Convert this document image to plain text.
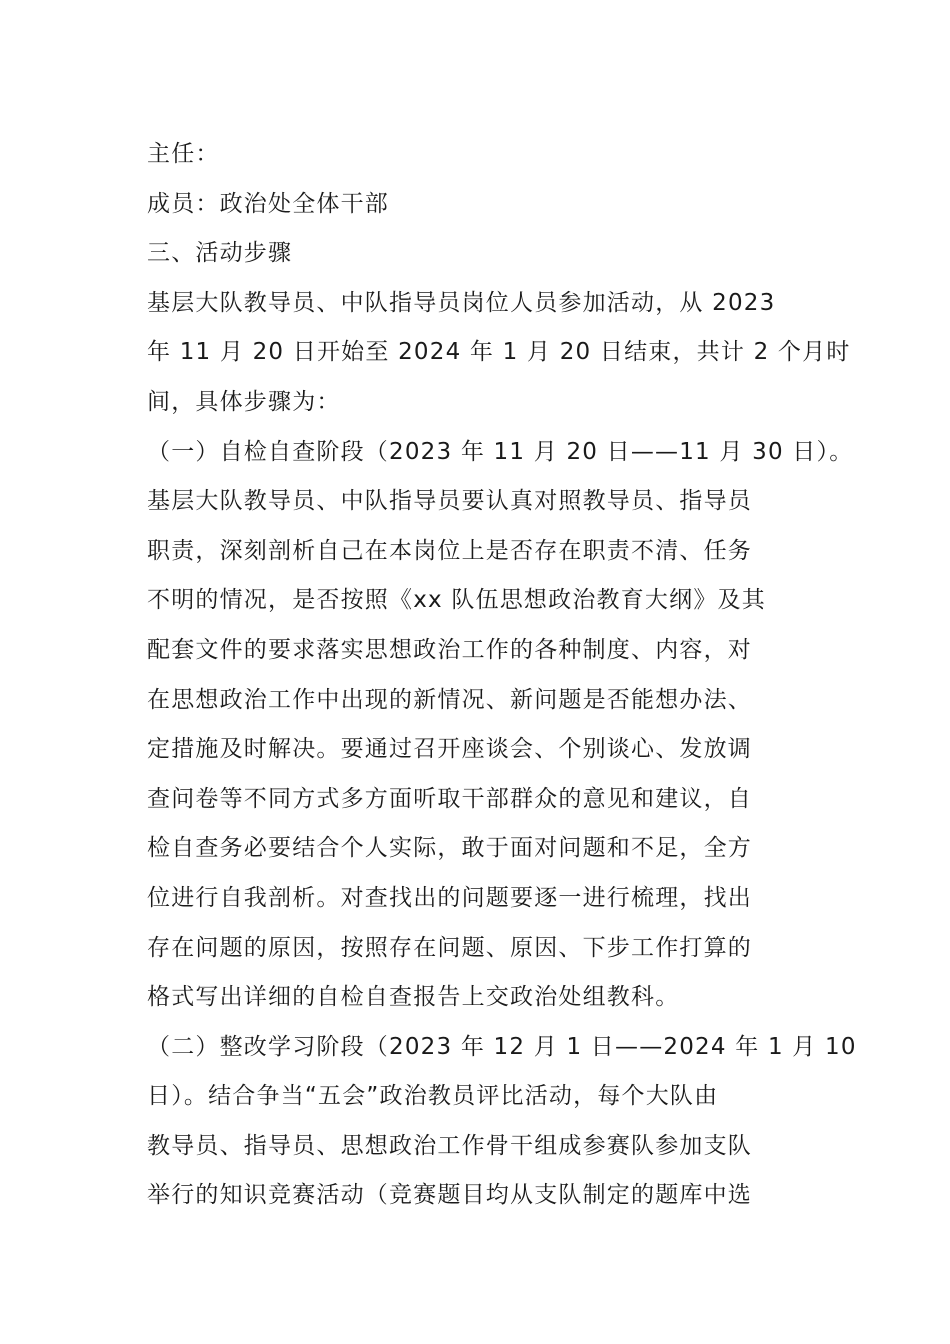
主任：
成员：政治处全体干部
三、活动步骤
基层大队教导员、中队指导员岗位人员参加活动，从 2023
年 11 月 20 日开始至 2024 年 1 月 20 日结束，共计 2 个月时
间，具体步骤为：
（一）自检自查阶段（2023 年 11 月 20 日——11 月 30 日）。
基层大队教导员、中队指导员要认真对照教导员、指导员
职责，深刻剖析自己在本岗位上是否存在职责不清、任务
不明的情况，是否按照《xx 队伍思想政治教育大纲》及其
配套文件的要求落实思想政治工作的各种制度、内容，对
在思想政治工作中出现的新情况、新问题是否能想办法、
定措施及时解决。要通过召开座谈会、个别谈心、发放调
查问卷等不同方式多方面听取干部群众的意见和建议，自
检自查务必要结合个人实际，敢于面对问题和不足，全方
位进行自我剖析。对查找出的问题要逐一进行梳理，找出
存在问题的原因，按照存在问题、原因、下步工作打算的
格式写出详细的自检自查报告上交政治处组教科。
（二）整改学习阶段（2023 年 12 月 1 日——2024 年 1 月 10
日）。结合争当“五会”政治教员评比活动，每个大队由
教导员、指导员、思想政治工作骨干组成参赛队参加支队
举行的知识竞赛活动（竞赛题目均从支队制定的题库中选
